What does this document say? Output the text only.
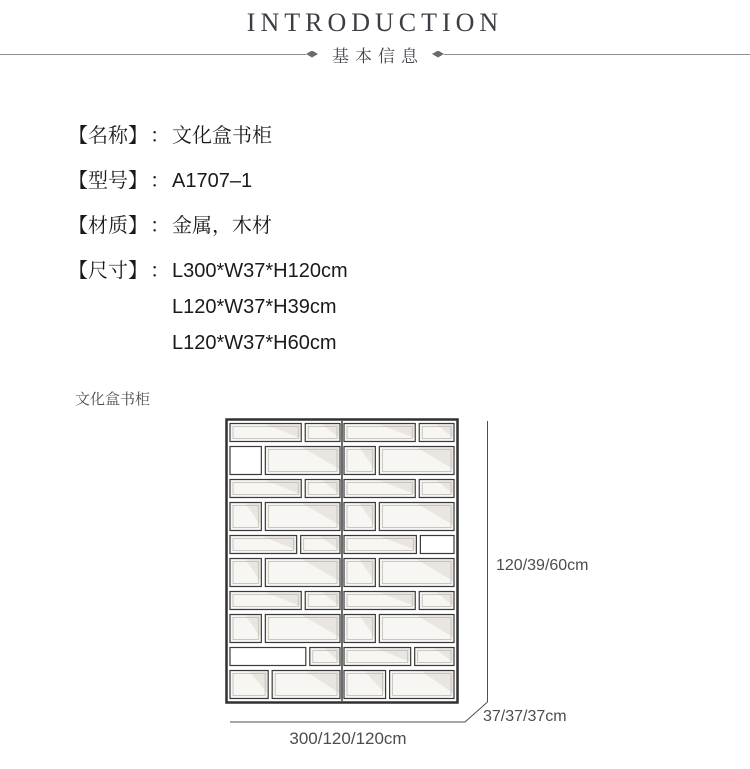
INTRODUCTION
基本信息
【名称】 ： 文化盒书柜
【型号】 ： A1707–1
【材质】 ： 金属，木材
【尺寸】 ： L300*W37*H120cm
L120*W37*H39cm
L120*W37*H60cm
文化盒书柜
120/39/60cm
37/37/37cm
300/120/120cm
